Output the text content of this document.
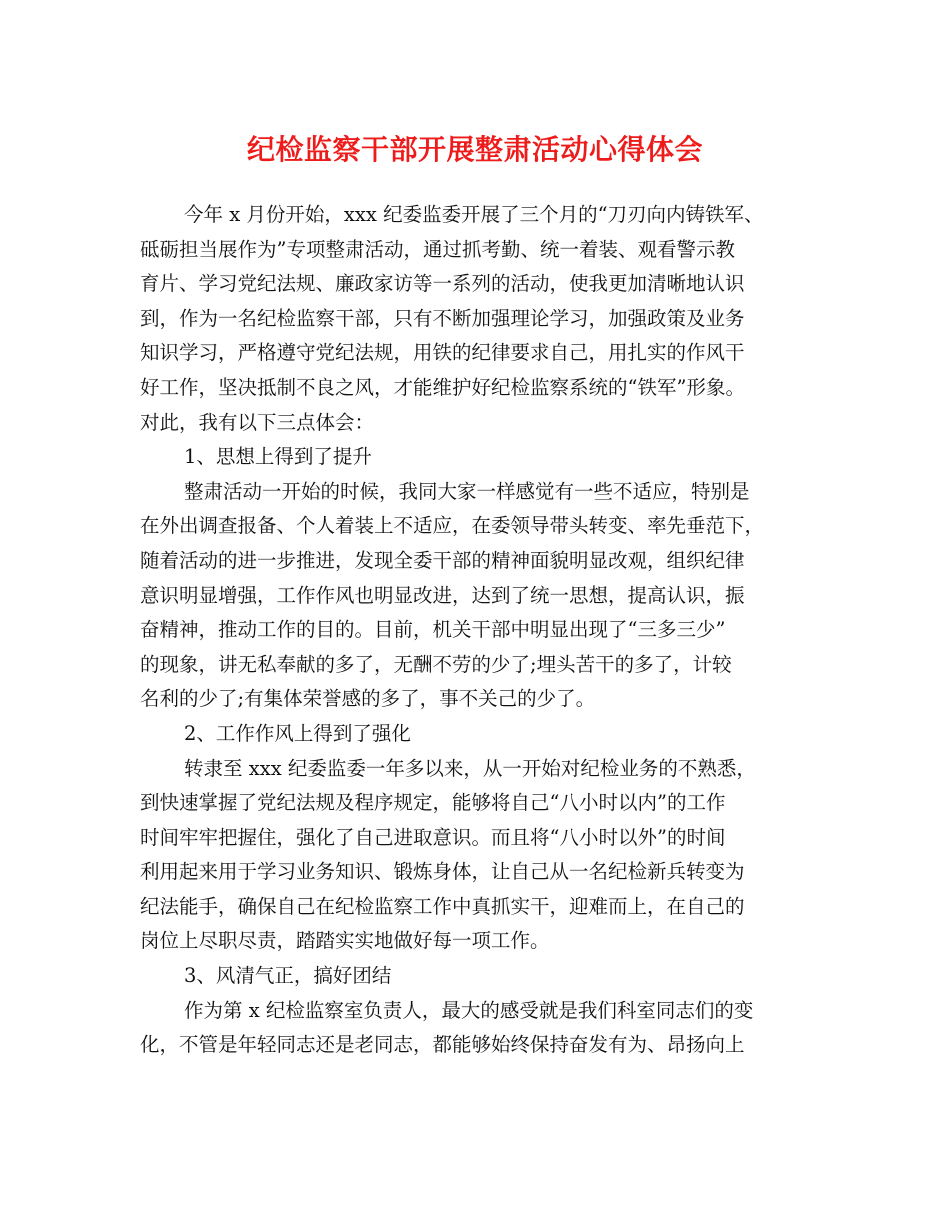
纪检监察干部开展整肃活动心得体会
今年 x 月份开始，xxx 纪委监委开展了三个月的“刀刃向内铸铁军、
砥砺担当展作为”专项整肃活动，通过抓考勤、统一着装、观看警示教
育片、学习党纪法规、廉政家访等一系列的活动，使我更加清晰地认识
到，作为一名纪检监察干部，只有不断加强理论学习，加强政策及业务
知识学习，严格遵守党纪法规，用铁的纪律要求自己，用扎实的作风干
好工作，坚决抵制不良之风，才能维护好纪检监察系统的“铁军”形象。
对此，我有以下三点体会：
1、思想上得到了提升
整肃活动一开始的时候，我同大家一样感觉有一些不适应，特别是
在外出调查报备、个人着装上不适应，在委领导带头转变、率先垂范下，
随着活动的进一步推进，发现全委干部的精神面貌明显改观，组织纪律
意识明显增强，工作作风也明显改进，达到了统一思想，提高认识，振
奋精神，推动工作的目的。目前，机关干部中明显出现了“三多三少”
的现象，讲无私奉献的多了，无酬不劳的少了;埋头苦干的多了，计较
名利的少了;有集体荣誉感的多了，事不关己的少了。
2、工作作风上得到了强化
转隶至 xxx 纪委监委一年多以来，从一开始对纪检业务的不熟悉，
到快速掌握了党纪法规及程序规定，能够将自己“八小时以内”的工作
时间牢牢把握住，强化了自己进取意识。而且将“八小时以外”的时间
利用起来用于学习业务知识、锻炼身体，让自己从一名纪检新兵转变为
纪法能手，确保自己在纪检监察工作中真抓实干，迎难而上，在自己的
岗位上尽职尽责，踏踏实实地做好每一项工作。
3、风清气正，搞好团结
作为第 x 纪检监察室负责人，最大的感受就是我们科室同志们的变
化，不管是年轻同志还是老同志，都能够始终保持奋发有为、昂扬向上
